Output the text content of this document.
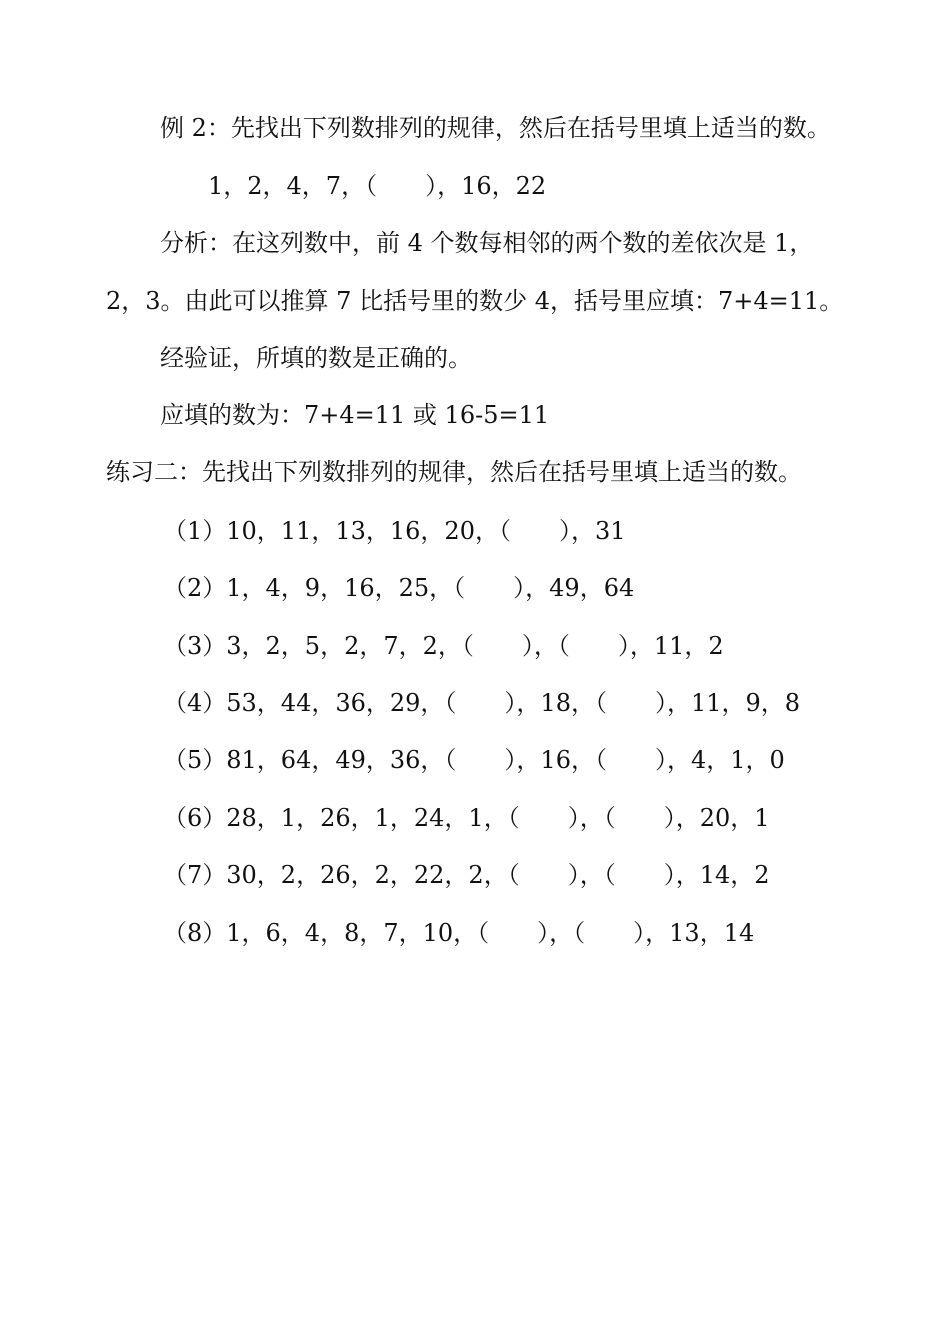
例 2：先找出下列数排列的规律，然后在括号里填上适当的数。

1，2，4，7，（　　），16，22

分析：在这列数中，前 4 个数每相邻的两个数的差依次是 1，

2，3。由此可以推算 7 比括号里的数少 4，括号里应填：7+4=11。

经验证，所填的数是正确的。

应填的数为：7+4=11 或 16-5=11

练习二：先找出下列数排列的规律，然后在括号里填上适当的数。

（1）10，11，13，16，20，（　　），31

（2）1，4，9，16，25，（　　），49，64

（3）3，2，5，2，7，2，（　　），（　　），11，2

（4）53，44，36，29，（　　），18，（　　），11，9，8

（5）81，64，49，36，（　　），16，（　　），4，1，0

（6）28，1，26，1，24，1，（　　），（　　），20，1

（7）30，2，26，2，22，2，（　　），（　　），14，2

（8）1，6，4，8，7，10，（　　），（　　），13，14
